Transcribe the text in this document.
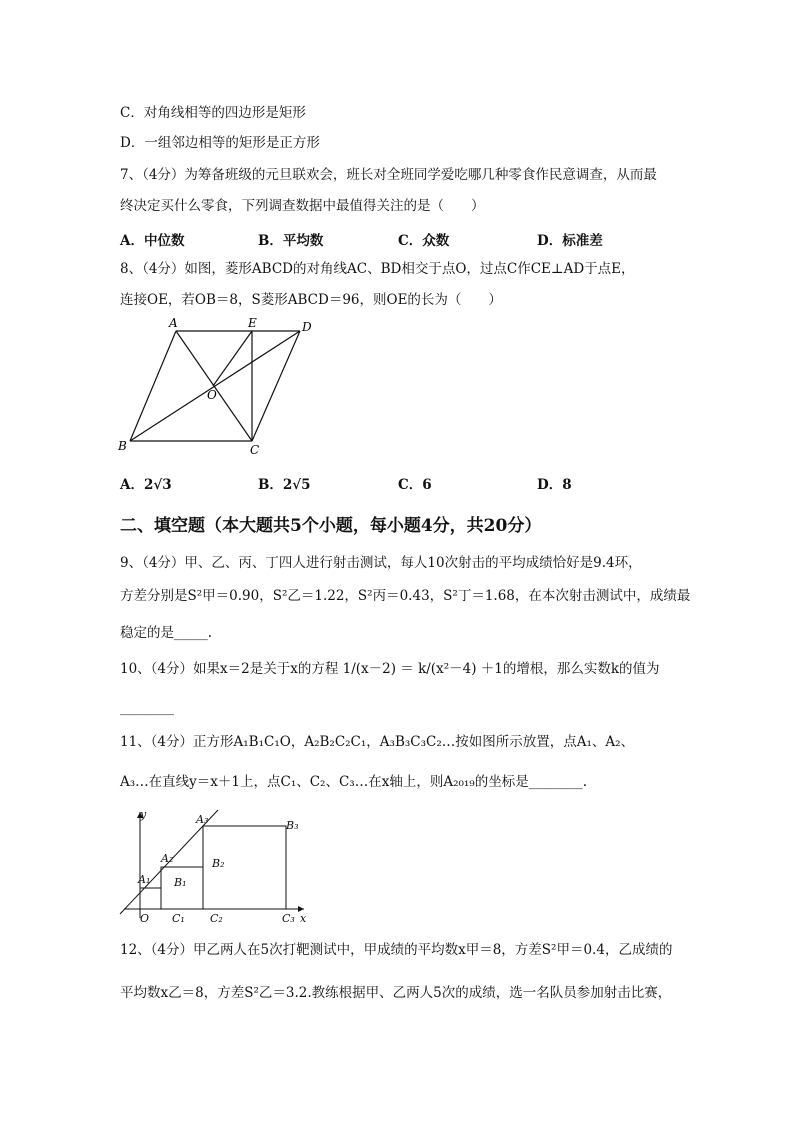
C．对角线相等的四边形是矩形
D．一组邻边相等的矩形是正方形
7、（4分）为筹备班级的元旦联欢会，班长对全班同学爱吃哪几种零食作民意调查，从而最
终决定买什么零食，下列调查数据中最值得关注的是（　　）
A．中位数	B．平均数	C．众数	D．标准差
8、（4分）如图，菱形ABCD的对角线AC、BD相交于点O，过点C作CE⊥AD于点E，
连接OE，若OB＝8，S菱形ABCD＝96，则OE的长为（　　）
A	E	D
O
B	C
A．2√3	B．2√5	C．6	D．8
二、填空题（本大题共5个小题，每小题4分，共20分）
9、（4分）甲、乙、丙、丁四人进行射击测试，每人10次射击的平均成绩恰好是9.4环，
方差分别是S²甲＝0.90，S²乙＝1.22，S²丙＝0.43，S²丁＝1.68，在本次射击测试中，成绩最
稳定的是_____.
10、（4分）如果x＝2是关于x的方程 1/(x－2) ＝ k/(x²－4) ＋1的增根，那么实数k的值为
________
11、（4分）正方形A₁B₁C₁O，A₂B₂C₂C₁，A₃B₃C₃C₂…按如图所示放置，点A₁、A₂、
A₃…在直线y＝x＋1上，点C₁、C₂、C₃…在x轴上，则A₂₀₁₉的坐标是________.
y
x
O
A₁
A₂
A₃
B₁
B₂
B₃
C₁ C₂	C₃
12、（4分）甲乙两人在5次打靶测试中，甲成绩的平均数x甲＝8，方差S²甲＝0.4，乙成绩的
平均数x乙＝8，方差S²乙＝3.2.教练根据甲、乙两人5次的成绩，选一名队员参加射击比赛，
